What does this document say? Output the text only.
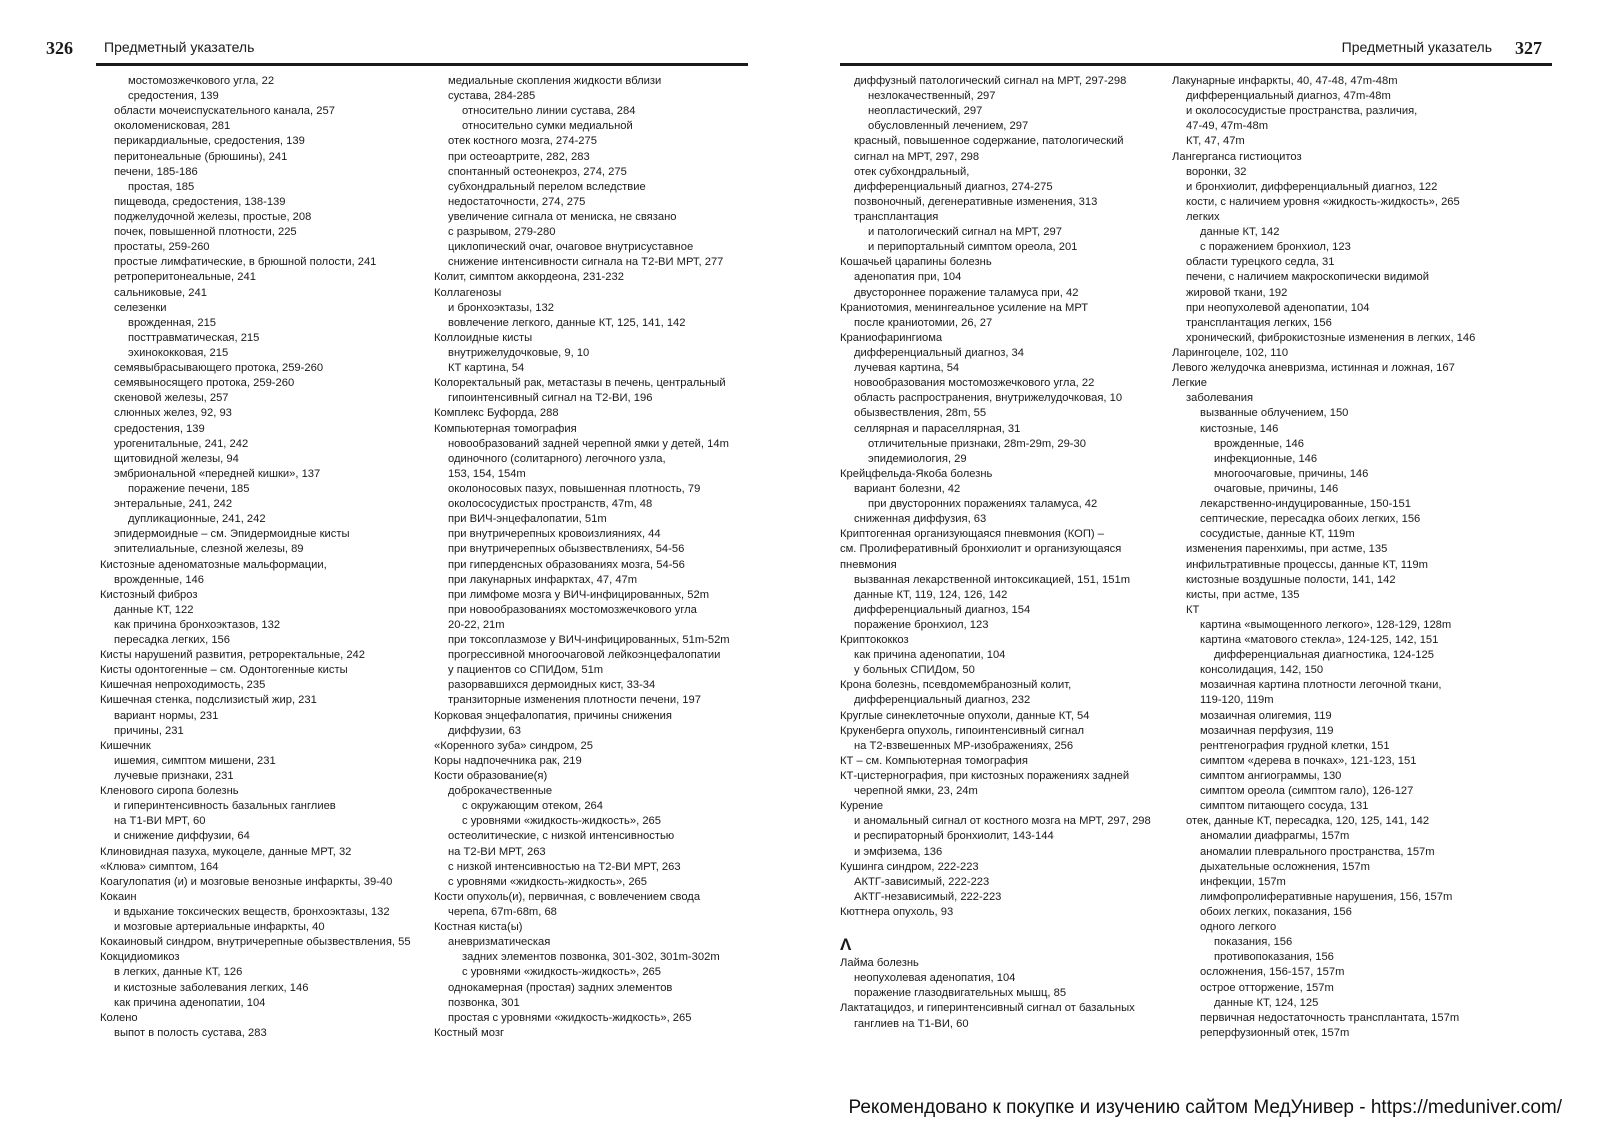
326 Предметный указатель
мостомозжечкового угла, 22
средостения, 139
области мочеиспускательного канала, 257
околоменисковая, 281
перикардиальные, средостения, 139
перитонеальные (брюшины), 241
печени, 185-186
простая, 185
пищевода, средостения, 138-139
поджелудочной железы, простые, 208
почек, повышенной плотности, 225
простаты, 259-260
простые лимфатические, в брюшной полости, 241
ретроперитонеальные, 241
сальниковые, 241
селезенки
врожденная, 215
посттравматическая, 215
эхинококковая, 215
семявыбрасывающего протока, 259-260
семявыносящего протока, 259-260
скеновой железы, 257
слюнных желез, 92, 93
средостения, 139
урогенитальные, 241, 242
щитовидной железы, 94
эмбриональной «передней кишки», 137
поражение печени, 185
энтеральные, 241, 242
дупликационные, 241, 242
эпидермоидные – см. Эпидермоидные кисты
эпителиальные, слезной железы, 89
Кистозные аденоматозные мальформации,
врожденные, 146
Кистозный фиброз
данные КТ, 122
как причина бронхоэктазов, 132
пересадка легких, 156
Кисты нарушений развития, ретроректальные, 242
Кисты одонтогенные – см. Одонтогенные кисты
Кишечная непроходимость, 235
Кишечная стенка, подслизистый жир, 231
вариант нормы, 231
причины, 231
Кишечник
ишемия, симптом мишени, 231
лучевые признаки, 231
Кленового сиропа болезнь
и гиперинтенсивность базальных ганглиев
на Т1-ВИ МРТ, 60
и снижение диффузии, 64
Клиновидная пазуха, мукоцеле, данные МРТ, 32
«Клюва» симптом, 164
Коагулопатия (и) и мозговые венозные инфаркты, 39-40
Кокаин
и вдыхание токсических веществ, бронхоэктазы, 132
и мозговые артериальные инфаркты, 40
Кокаиновый синдром, внутричерепные обызвествления, 55
Кокцидиомикоз
в легких, данные КТ, 126
и кистозные заболевания легких, 146
как причина аденопатии, 104
Колено
выпот в полость сустава, 283
медиальные скопления жидкости вблизи
сустава, 284-285
относительно линии сустава, 284
относительно сумки медиальной
отек костного мозга, 274-275
при остеоартрите, 282, 283
спонтанный остеонекроз, 274, 275
субхондральный перелом вследствие
недостаточности, 274, 275
увеличение сигнала от мениска, не связано
с разрывом, 279-280
циклопический очаг, очаговое внутрисуставное
снижение интенсивности сигнала на Т2-ВИ МРТ, 277
Колит, симптом аккордеона, 231-232
Коллагенозы
и бронхоэктазы, 132
вовлечение легкого, данные КТ, 125, 141, 142
Коллоидные кисты
внутрижелудочковые, 9, 10
КТ картина, 54
Колоректальный рак, метастазы в печень, центральный
гипоинтенсивный сигнал на Т2-ВИ, 196
Комплекс Буфорда, 288
Компьютерная томография
новообразований задней черепной ямки у детей, 14m
одиночного (солитарного) легочного узла,
153, 154, 154m
околоносовых пазух, повышенная плотность, 79
околососудистых пространств, 47m, 48
при ВИЧ-энцефалопатии, 51m
при внутричерепных кровоизлияниях, 44
при внутричерепных обызвествлениях, 54-56
при гиперденсных образованиях мозга, 54-56
при лакунарных инфарктах, 47, 47m
при лимфоме мозга у ВИЧ-инфицированных, 52m
при новообразованиях мостомозжечкового угла
20-22, 21m
при токсоплазмозе у ВИЧ-инфицированных, 51m-52m
прогрессивной многоочаговой лейкоэнцефалопатии
у пациентов со СПИДом, 51m
разорвавшихся дермоидных кист, 33-34
транзиторные изменения плотности печени, 197
Корковая энцефалопатия, причины снижения
диффузии, 63
«Коренного зуба» синдром, 25
Коры надпочечника рак, 219
Кости образование(я)
доброкачественные
с окружающим отеком, 264
с уровнями «жидкость-жидкость», 265
остеолитические, с низкой интенсивностью
на Т2-ВИ МРТ, 263
с низкой интенсивностью на Т2-ВИ МРТ, 263
с уровнями «жидкость-жидкость», 265
Кости опухоль(и), первичная, с вовлечением свода
черепа, 67m-68m, 68
Костная киста(ы)
аневризматическая
задних элементов позвонка, 301-302, 301m-302m
с уровнями «жидкость-жидкость», 265
однокамерная (простая) задних элементов
позвонка, 301
простая с уровнями «жидкость-жидкость», 265
Костный мозг
327
Предметный указатель
диффузный патологический сигнал на МРТ, 297-298
незлокачественный, 297
неопластический, 297
обусловленный лечением, 297
красный, повышенное содержание, патологический
сигнал на МРТ, 297, 298
отек субхондральный,
дифференциальный диагноз, 274-275
позвоночный, дегенеративные изменения, 313
трансплантация
и патологический сигнал на МРТ, 297
и перипортальный симптом ореола, 201
Кошачьей царапины болезнь
аденопатия при, 104
двустороннее поражение таламуса при, 42
Краниотомия, менингеальное усиление на МРТ
после краниотомии, 26, 27
Краниофарингиома
дифференциальный диагноз, 34
лучевая картина, 54
новообразования мостомозжечкового угла, 22
область распространения, внутрижелудочковая, 10
обызвествления, 28m, 55
селлярная и параселлярная, 31
отличительные признаки, 28m-29m, 29-30
эпидемиология, 29
Крейцфельда-Якоба болезнь
вариант болезни, 42
при двусторонних поражениях таламуса, 42
сниженная диффузия, 63
Криптогенная организующаяся пневмония (КОП) –
см. Пролиферативный бронхиолит и организующаяся
пневмония
вызванная лекарственной интоксикацией, 151, 151m
данные КТ, 119, 124, 126, 142
дифференциальный диагноз, 154
поражение бронхиол, 123
Криптококкоз
как причина аденопатии, 104
у больных СПИДом, 50
Крона болезнь, псевдомембранозный колит,
дифференциальный диагноз, 232
Круглые синеклеточные опухоли, данные КТ, 54
Крукенберга опухоль, гипоинтенсивный сигнал
на Т2-взвешенных МР-изображениях, 256
КТ – см. Компьютерная томография
КТ-цистернография, при кистозных поражениях задней
черепной ямки, 23, 24m
Курение
и аномальный сигнал от костного мозга на МРТ, 297, 298
и респираторный бронхиолит, 143-144
и эмфизема, 136
Кушинга синдром, 222-223
АКТГ-зависимый, 222-223
АКТГ-независимый, 222-223
Кюттнера опухоль, 93
Λ
Лайма болезнь
неопухолевая аденопатия, 104
поражение глазодвигательных мышц, 85
Лактатацидоз, и гиперинтенсивный сигнал от базальных
ганглиев на Т1-ВИ, 60
Лакунарные инфаркты, 40, 47-48, 47m-48m
дифференциальный диагноз, 47m-48m
и околососудистые пространства, различия,
47-49, 47m-48m
КТ, 47, 47m
Лангерганса гистиоцитоз
воронки, 32
и бронхиолит, дифференциальный диагноз, 122
кости, с наличием уровня «жидкость-жидкость», 265
легких
данные КТ, 142
с поражением бронхиол, 123
области турецкого седла, 31
печени, с наличием макроскопически видимой
жировой ткани, 192
при неопухолевой аденопатии, 104
трансплантация легких, 156
хронический, фиброкистозные изменения в легких, 146
Ларингоцеле, 102, 110
Левого желудочка аневризма, истинная и ложная, 167
Легкие
заболевания
вызванные облучением, 150
кистозные, 146
врожденные, 146
инфекционные, 146
многоочаговые, причины, 146
очаговые, причины, 146
лекарственно-индуцированные, 150-151
септические, пересадка обоих легких, 156
сосудистые, данные КТ, 119m
изменения паренхимы, при астме, 135
инфильтративные процессы, данные КТ, 119m
кистозные воздушные полости, 141, 142
кисты, при астме, 135
КТ
картина «вымощенного легкого», 128-129, 128m
картина «матового стекла», 124-125, 142, 151
дифференциальная диагностика, 124-125
консолидация, 142, 150
мозаичная картина плотности легочной ткани,
119-120, 119m
мозаичная олигемия, 119
мозаичная перфузия, 119
рентгенография грудной клетки, 151
симптом «дерева в почках», 121-123, 151
симптом ангиограммы, 130
симптом ореола (симптом гало), 126-127
симптом питающего сосуда, 131
отек, данные КТ, пересадка, 120, 125, 141, 142
аномалии диафрагмы, 157m
аномалии плеврального пространства, 157m
дыхательные осложнения, 157m
инфекции, 157m
лимфопролиферативные нарушения, 156, 157m
обоих легких, показания, 156
одного легкого
показания, 156
противопоказания, 156
осложнения, 156-157, 157m
острое отторжение, 157m
данные КТ, 124, 125
первичная недостаточность трансплантата, 157m
реперфузионный отек, 157m
Рекомендовано к покупке и изучению сайтом МедУнивер - https://meduniver.com/
